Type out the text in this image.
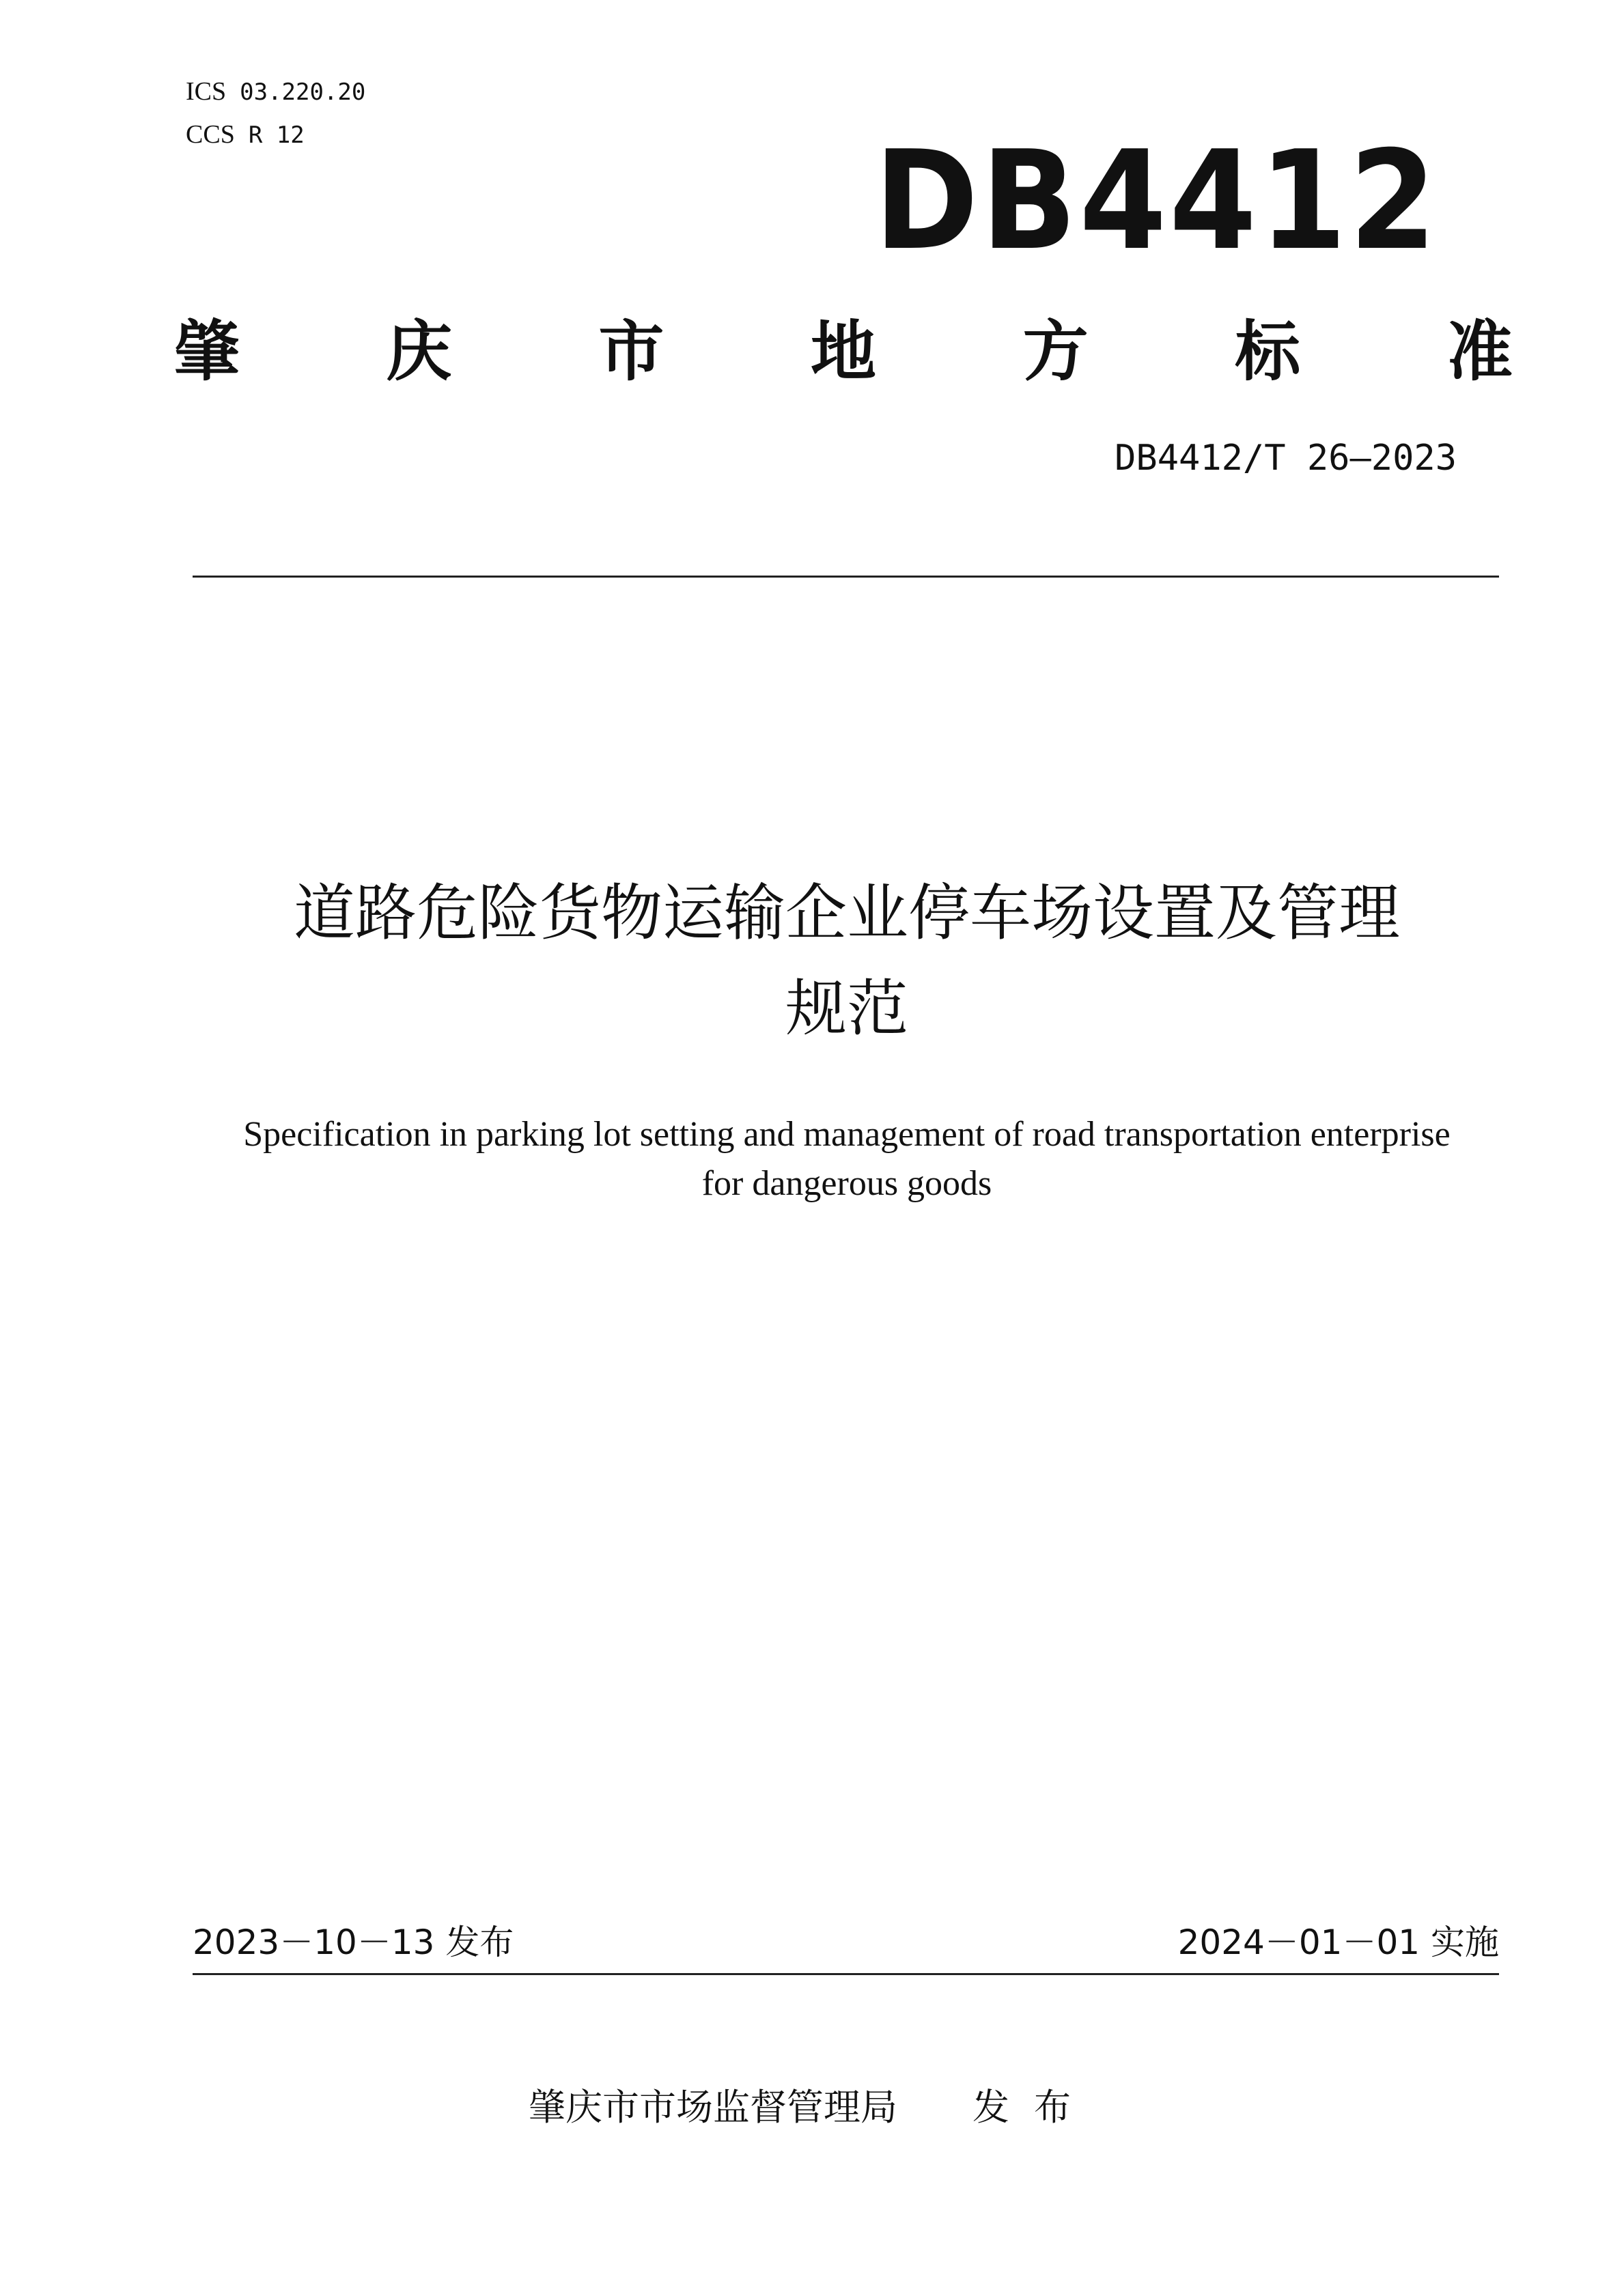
ICS 03.220.20
CCS R 12	DB4412
肇 庆 市 地 方 标 准
DB4412/T 26—2023
道路危险货物运输企业停车场设置及管理
规范
Specification in parking lot setting and management of road transportation enterprise
for dangerous goods
2023－10－13 发布	2024－01－01 实施
肇庆市市场监督管理局 发布
